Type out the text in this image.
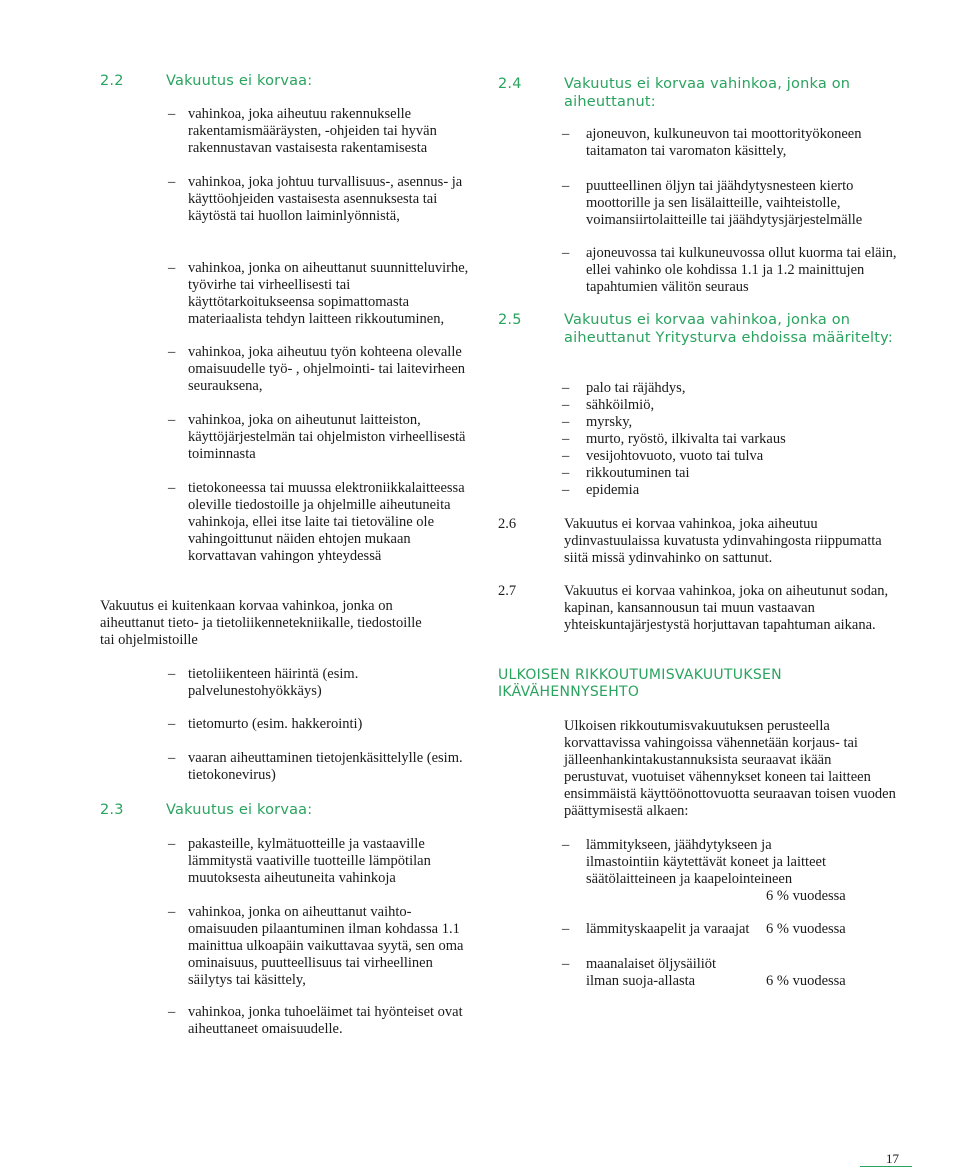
2.2	Vakuutus ei korvaa:
– vahinkoa, joka aiheutuu rakennukselle rakentamismääräysten, -ohjeiden tai hyvän rakennustavan vastaisesta rakentamisesta
– vahinkoa, joka johtuu turvallisuus-, asennus- ja käyttöohjeiden vastaisesta asennuksesta tai käytöstä tai huollon laiminlyönnistä,
– vahinkoa, jonka on aiheuttanut suunnitteluvirhe, työvirhe tai virheellisesti tai käyttötarkoitukseensa sopimattomasta materiaalista tehdyn laitteen rikkoutuminen,
– vahinkoa, joka aiheutuu työn kohteena olevalle omaisuudelle työ- , ohjelmointi- tai laitevirheen seurauksena,
– vahinkoa, joka on aiheutunut laitteiston, käyttöjärjestelmän tai ohjelmiston virheellisestä toiminnasta
– tietokoneessa tai muussa elektroniikkalaitteessa oleville tiedostoille ja ohjelmille aiheutuneita vahinkoja, ellei itse laite tai tietoväline ole vahingoittunut näiden ehtojen mukaan korvattavan vahingon yhteydessä
Vakuutus ei kuitenkaan korvaa vahinkoa, jonka on aiheuttanut tieto- ja tietoliikennetekniikalle, tiedostoille tai ohjelmistoille
– tietoliikenteen häirintä (esim. palvelunestohyökkäys)
– tietomurto (esim. hakkerointi)
– vaaran aiheuttaminen tietojenkäsittelylle (esim. tietokonevirus)
2.3	Vakuutus ei korvaa:
– pakasteille, kylmätuotteille ja vastaaville lämmitystä vaativille tuotteille lämpötilan muutoksesta aiheutuneita vahinkoja
– vahinkoa, jonka on aiheuttanut vaihto-omaisuuden pilaantuminen ilman kohdassa 1.1 mainittua ulkoapäin vaikuttavaa syytä, sen oma ominaisuus, puutteellisuus tai virheellinen säilytys tai käsittely,
– vahinkoa, jonka tuhoeläimet tai hyönteiset ovat aiheuttaneet omaisuudelle.
2.4	Vakuutus ei korvaa vahinkoa, jonka on aiheuttanut:
–	ajoneuvon, kulkuneuvon tai moottorityökoneen taitamaton tai varomaton käsittely,
–	puutteellinen öljyn tai jäähdytysnesteen kierto moottorille ja sen lisälaitteille, vaihteistolle, voimansiirtolaitteille tai jäähdytysjärjestelmälle
–	ajoneuvossa tai kulkuneuvossa ollut kuorma tai eläin, ellei vahinko ole kohdissa 1.1 ja 1.2 mainittujen tapahtumien välitön seuraus
2.5	Vakuutus ei korvaa vahinkoa, jonka on aiheuttanut Yritysturva ehdoissa määritelty:
–	palo tai räjähdys,
–	sähköilmiö,
–	myrsky,
–	murto, ryöstö, ilkivalta tai varkaus
–	vesijohtovuoto, vuoto tai tulva
–	rikkoutuminen tai
–	epidemia
2.6	Vakuutus ei korvaa vahinkoa, joka aiheutuu ydinvastuulaissa kuvatusta ydinvahingosta riippumatta siitä missä ydinvahinko on sattunut.
2.7	Vakuutus ei korvaa vahinkoa, joka on aiheutunut sodan, kapinan, kansannousun tai muun vastaavan yhteiskuntajärjestystä horjuttavan tapahtuman aikana.
ULKOISEN RIKKOUTUMISVAKUUTUKSEN
IKÄVÄHENNYSEHTO
Ulkoisen rikkoutumisvakuutuksen perusteella korvattavissa vahingoissa vähennetään korjaus- tai jälleenhankintakustannuksista seuraavat ikään perustuvat, vuotuiset vähennykset koneen tai laitteen ensimmäistä käyttöönottovuotta seuraavan toisen vuoden päättymisestä alkaen:
–	lämmitykseen, jäähdytykseen ja ilmastointiin käytettävät koneet ja laitteet säätölaitteineen ja kaapelointeineen
6 % vuodessa
–	lämmityskaapelit ja varaajat	6 % vuodessa
–	maanalaiset öljysäiliöt ilman suoja-allasta	6 % vuodessa
17
